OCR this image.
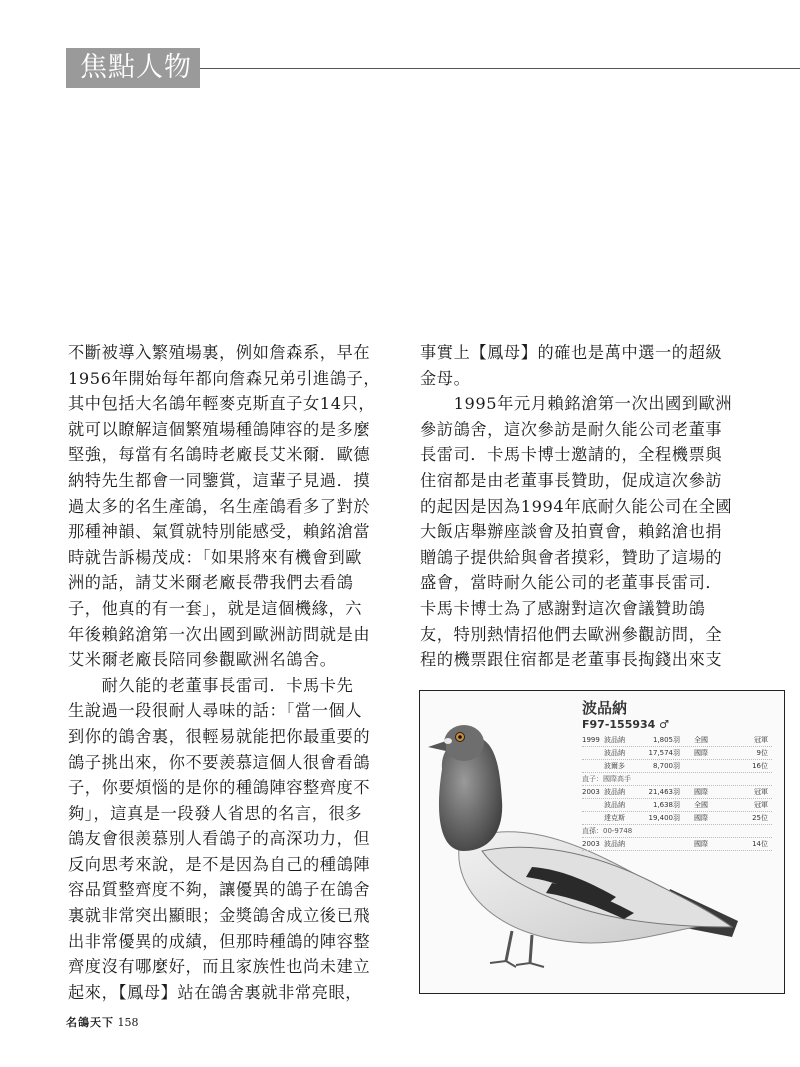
焦點人物

不斷被導入繁殖場裏，例如詹森系，早在

1956年開始每年都向詹森兄弟引進鴿子，

其中包括大名鴿年輕麥克斯直子女14只，

就可以瞭解這個繁殖場種鴿陣容的是多麼

堅強，每當有名鴿時老廠長艾米爾．歐德

納特先生都會一同鑒賞，這輩子見過．摸

過太多的名生產鴿，名生產鴿看多了對於

那種神韻、氣質就特別能感受，賴銘滄當

時就告訴楊茂成：「如果將來有機會到歐

洲的話，請艾米爾老廠長帶我們去看鴿

子，他真的有一套」，就是這個機緣，六

年後賴銘滄第一次出國到歐洲訪問就是由

艾米爾老廠長陪同參觀歐洲名鴿舍。

　　耐久能的老董事長雷司．卡馬卡先

生說過一段很耐人尋味的話：「當一個人

到你的鴿舍裏，很輕易就能把你最重要的

鴿子挑出來，你不要羨慕這個人很會看鴿

子，你要煩惱的是你的種鴿陣容整齊度不

夠」，這真是一段發人省思的名言，很多

鴿友會很羨慕別人看鴿子的高深功力，但

反向思考來說，是不是因為自己的種鴿陣

容品質整齊度不夠，讓優異的鴿子在鴿舍

裏就非常突出顯眼；金獎鴿舍成立後已飛

出非常優異的成績，但那時種鴿的陣容整

齊度沒有哪麼好，而且家族性也尚未建立

起來，【鳳母】站在鴿舍裏就非常亮眼，

事實上【鳳母】的確也是萬中選一的超級

金母。

　　1995年元月賴銘滄第一次出國到歐洲

參訪鴿舍，這次參訪是耐久能公司老董事

長雷司．卡馬卡博士邀請的，全程機票與

住宿都是由老董事長贊助，促成這次參訪

的起因是因為1994年底耐久能公司在全國

大飯店舉辦座談會及拍賣會，賴銘滄也捐

贈鴿子提供給與會者摸彩，贊助了這場的

盛會，當時耐久能公司的老董事長雷司．

卡馬卡博士為了感謝對這次會議贊助鴿

友，特別熱情招他們去歐洲參觀訪問，全

程的機票跟住宿都是老董事長掏錢出來支

波品納
F97-155934 ♂
1999 波品納	1,805羽 全國	冠軍
波品納	17,574羽 國際	9位
波爾多	8,700羽	16位
直子：國際高手
2003 波品納	21,463羽 國際	冠軍
波品納	1,638羽 全國	冠軍
達克斯	19,400羽 國際	25位
直孫：00-9748
2003 波品納	國際	14位
名鴿天下 158
